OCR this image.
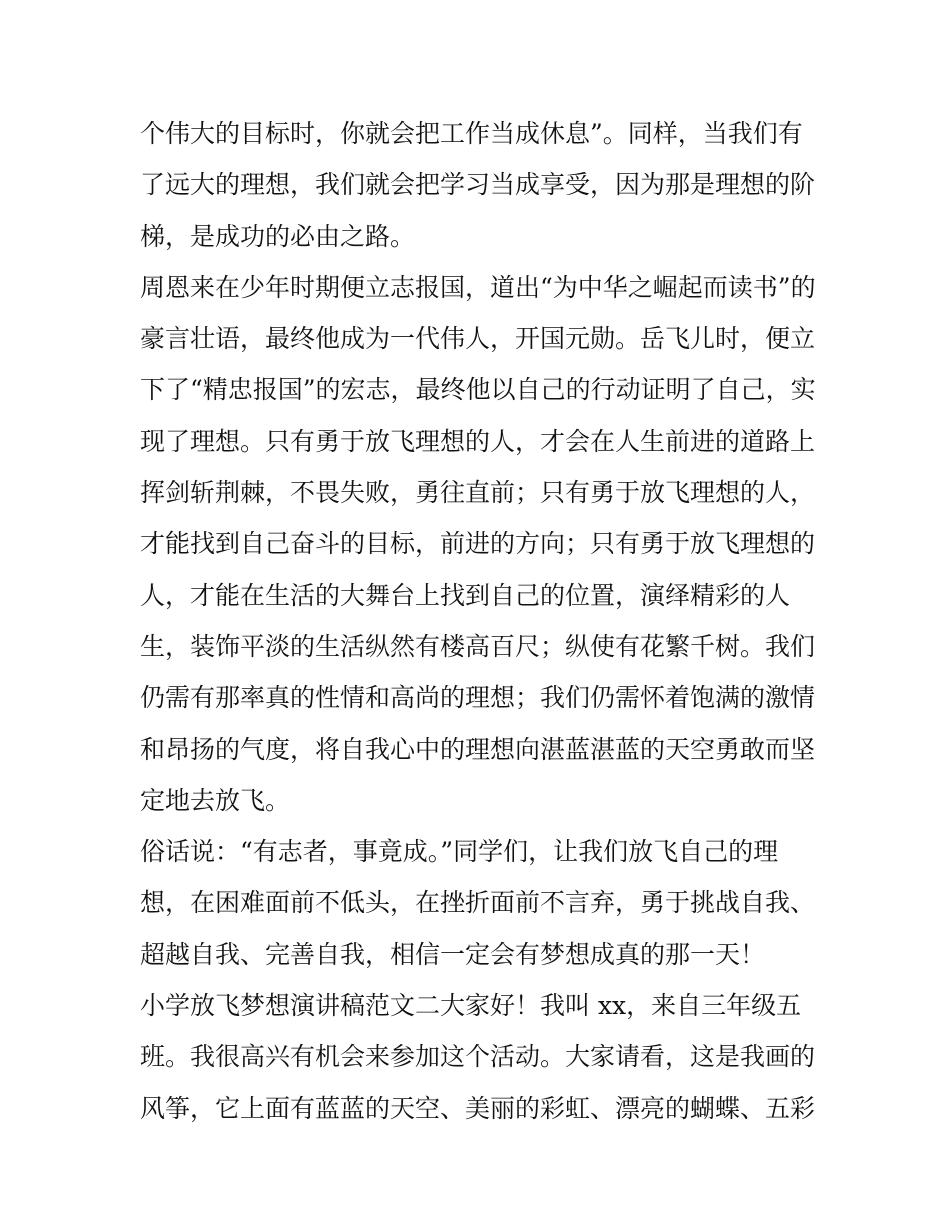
个伟大的目标时，你就会把工作当成休息”。同样，当我们有
了远大的理想，我们就会把学习当成享受，因为那是理想的阶
梯，是成功的必由之路。
周恩来在少年时期便立志报国，道出“为中华之崛起而读书”的
豪言壮语，最终他成为一代伟人，开国元勋。岳飞儿时，便立
下了“精忠报国”的宏志，最终他以自己的行动证明了自己，实
现了理想。只有勇于放飞理想的人，才会在人生前进的道路上
挥剑斩荆棘，不畏失败，勇往直前；只有勇于放飞理想的人，
才能找到自己奋斗的目标，前进的方向；只有勇于放飞理想的
人，才能在生活的大舞台上找到自己的位置，演绎精彩的人
生，装饰平淡的生活纵然有楼高百尺；纵使有花繁千树。我们
仍需有那率真的性情和高尚的理想；我们仍需怀着饱满的激情
和昂扬的气度，将自我心中的理想向湛蓝湛蓝的天空勇敢而坚
定地去放飞。
俗话说：“有志者，事竟成。”同学们，让我们放飞自己的理
想，在困难面前不低头，在挫折面前不言弃，勇于挑战自我、
超越自我、完善自我，相信一定会有梦想成真的那一天！
小学放飞梦想演讲稿范文二大家好！我叫 xx，来自三年级五
班。我很高兴有机会来参加这个活动。大家请看，这是我画的
风筝，它上面有蓝蓝的天空、美丽的彩虹、漂亮的蝴蝶、五彩
